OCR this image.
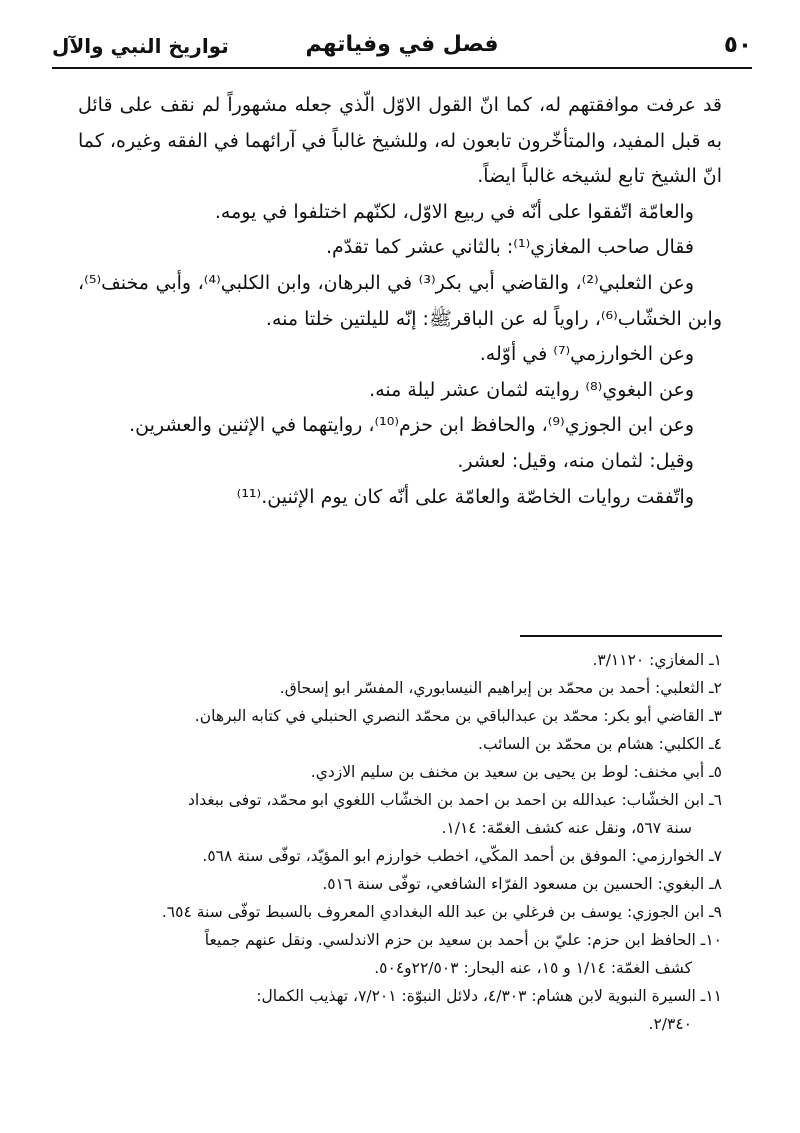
٥٠
فصل في وفياتهم
تواريخ النبي والآل

قد عرفت موافقتهم له، كما انّ القول الاوّل الّذي جعله مشهوراً لم نقف على قائل به قبل المفيد، والمتأخّرون تابعون له، وللشيخ غالباً في آرائهما في الفقه وغيره، كما انّ الشيخ تابع لشيخه غالباً ايضاً.

والعامّة اتّفقوا على أنّه في ربيع الاوّل، لكنّهم اختلفوا في يومه.

فقال صاحب المغازي⁽¹⁾: بالثاني عشر كما تقدّم.

وعن الثعلبي⁽²⁾، والقاضي أبي بكر⁽³⁾ في البرهان، وابن الكلبي⁽⁴⁾، وأبي مخنف⁽⁵⁾، وابن الخشّاب⁽⁶⁾، راوياً له عن الباقرﷺ: إنّه لليلتين خلتا منه.

وعن الخوارزمي⁽⁷⁾ في أوّله.

وعن البغوي⁽⁸⁾ روايته لثمان عشر ليلة منه.

وعن ابن الجوزي⁽⁹⁾، والحافظ ابن حزم⁽¹⁰⁾، روايتهما في الإثنين والعشرين.

وقيل: لثمان منه، وقيل: لعشر.

واتّفقت روايات الخاصّة والعامّة على أنّه كان يوم الإثنين.⁽¹¹⁾

١ـ المغازي: ٣/١١٢٠.

٢ـ الثعلبي: أحمد بن محمّد بن إبراهيم النيسابوري، المفسّر ابو إسحاق.

٣ـ القاضي أبو بكر: محمّد بن عبدالباقي بن محمّد النصري الحنبلي في كتابه البرهان.

٤ـ الكلبي: هشام بن محمّد بن السائب.

٥ـ أبي مخنف: لوط بن يحيى بن سعيد بن مخنف بن سليم الازدي.

٦ـ ابن الخشّاب: عبدالله بن احمد بن احمد بن الخشّاب اللغوي ابو محمّد، توفى ببغداد
سنة ٥٦٧، ونقل عنه كشف الغمّة: ١/١٤.

٧ـ الخوارزمي: الموفق بن أحمد المكّي، اخطب خوارزم ابو المؤيّد، توفّى سنة ٥٦٨.

٨ـ البغوي: الحسين بن مسعود الفرّاء الشافعي، توفّى سنة ٥١٦.

٩ـ ابن الجوزي: يوسف بن فرغلي بن عبد الله البغدادي المعروف بالسبط توفّى سنة ٦٥٤.

١٠ـ الحافظ ابن حزم: عليّ بن أحمد بن سعيد بن حزم الاندلسي. ونقل عنهم جميعاً
كشف الغمّة: ١/١٤ و ١٥، عنه البحار: ٢٢/٥٠٣و٥٠٤.

١١ـ السيرة النبوية لابن هشام: ٤/٣٠٣، دلائل النبوّة: ٧/٢٠١، تهذيب الكمال:
٢/٣٤٠.
